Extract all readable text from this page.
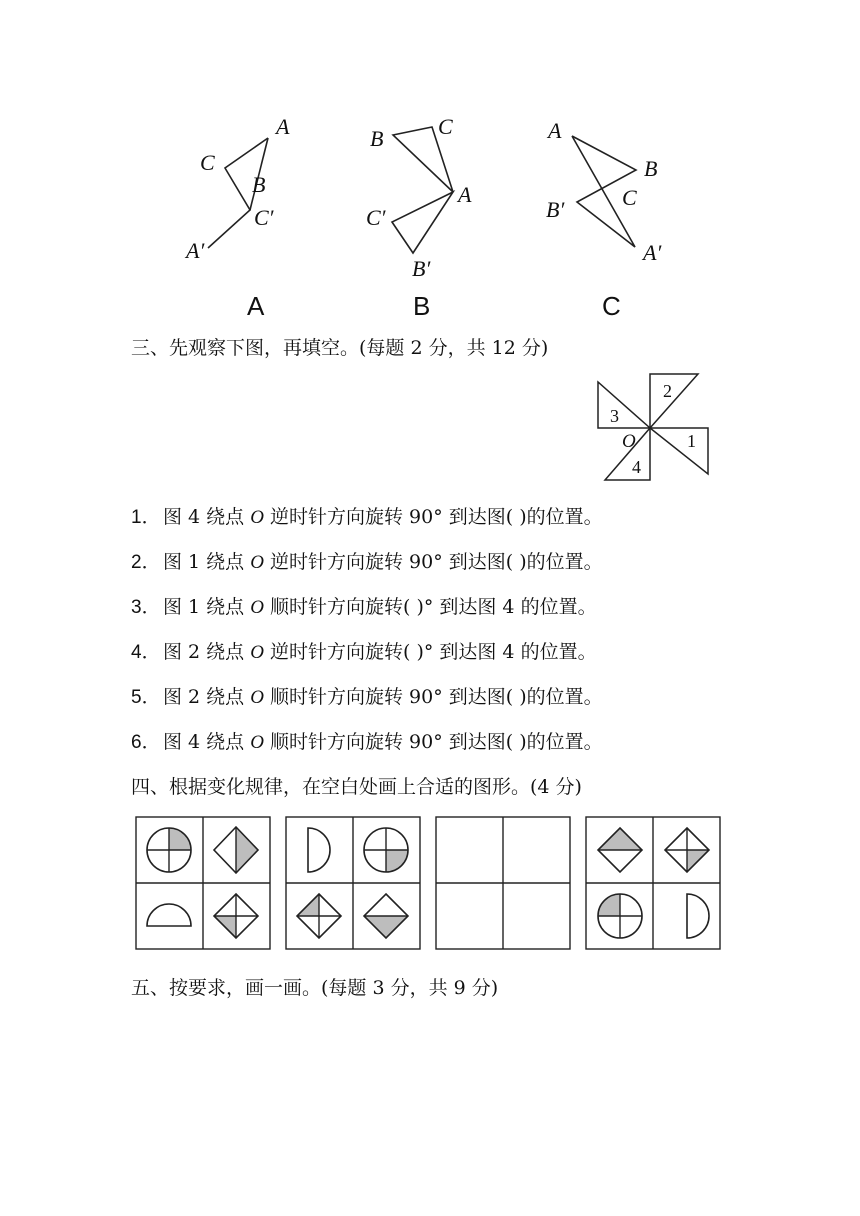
A
C
B
C′
A′
A
B C
A
C′
B′
B
A
B
C
B′
A′
C
三、先观察下图，再填空。(每题 2 分，共 12 分)
2
1
3
4
O
1． 图 4 绕点 O 逆时针方向旋转 90° 到达图( )的位置。
2． 图 1 绕点 O 逆时针方向旋转 90° 到达图( )的位置。
3． 图 1 绕点 O 顺时针方向旋转( )° 到达图 4 的位置。
4． 图 2 绕点 O 逆时针方向旋转( )° 到达图 4 的位置。
5． 图 2 绕点 O 顺时针方向旋转 90° 到达图( )的位置。
6． 图 4 绕点 O 顺时针方向旋转 90° 到达图( )的位置。
四、根据变化规律，在空白处画上合适的图形。(4 分)
五、按要求，画一画。(每题 3 分，共 9 分)
